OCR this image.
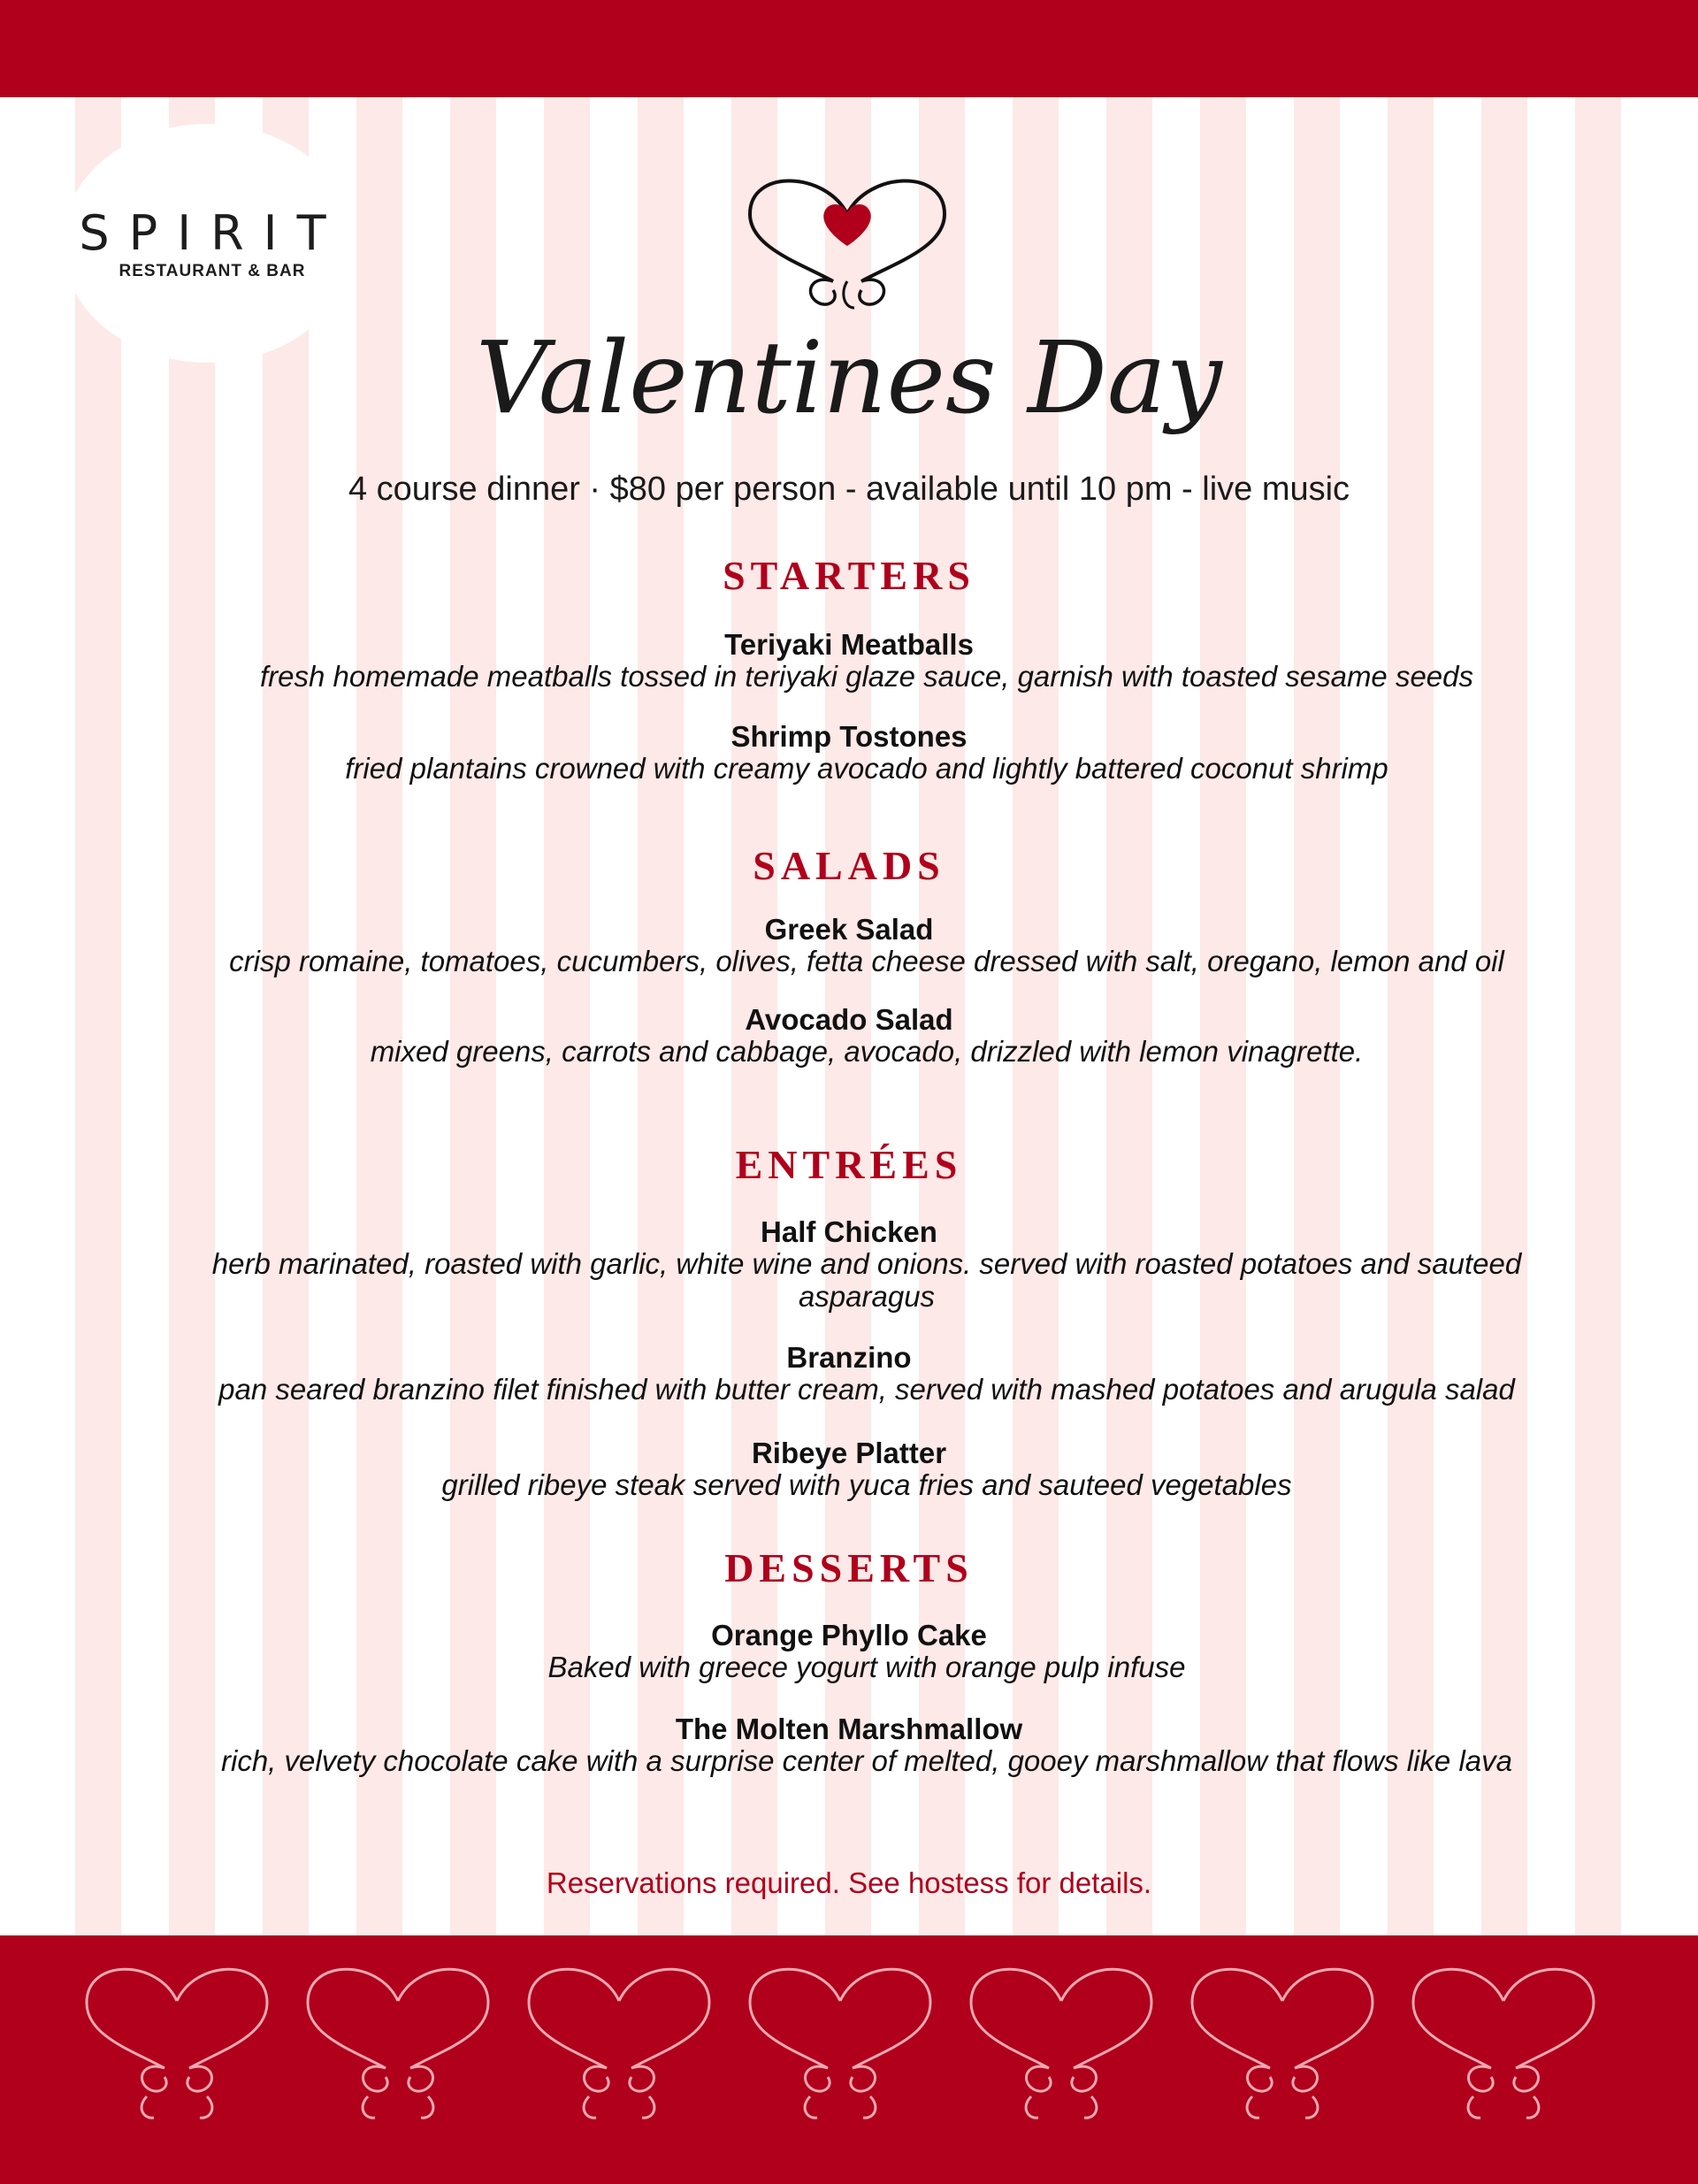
SPIRIT
RESTAURANT & BAR
Valentines Day
4 course dinner · $80 per person - available until 10 pm - live music
STARTERS
Teriyaki Meatballs
fresh homemade meatballs tossed in teriyaki glaze sauce, garnish with toasted sesame seeds
Shrimp Tostones
fried plantains crowned with creamy avocado and lightly battered coconut shrimp
SALADS
Greek Salad
crisp romaine, tomatoes, cucumbers, olives, fetta cheese dressed with salt, oregano, lemon and oil
Avocado Salad
mixed greens, carrots and cabbage, avocado, drizzled with lemon vinagrette.
ENTRÉES
Half Chicken
herb marinated, roasted with garlic, white wine and onions. served with roasted potatoes and sauteed asparagus
Branzino
pan seared branzino filet finished with butter cream, served with mashed potatoes and arugula salad
Ribeye Platter
grilled ribeye steak served with yuca fries and sauteed vegetables
DESSERTS
Orange Phyllo Cake
Baked with greece yogurt with orange pulp infuse
The Molten Marshmallow
rich, velvety chocolate cake with a surprise center of melted, gooey marshmallow that flows like lava
Reservations required. See hostess for details.
